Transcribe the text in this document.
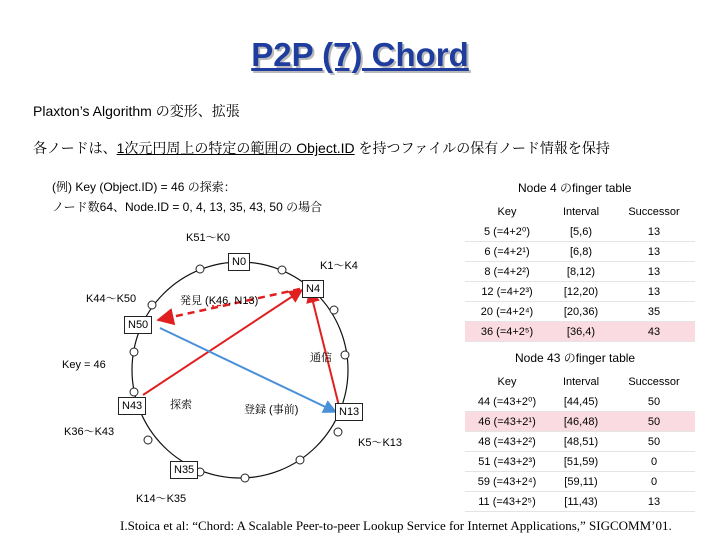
P2P (7) Chord
Plaxton’s Algorithm の変形、拡張
各ノードは、1次元円周上の特定の範囲の Object.ID を持つファイルの保有ノード情報を保持
(例) Key (Object.ID) = 46 の探索：
ノード数64、Node.ID = 0, 4, 13, 35, 43, 50 の場合
N0
N4
N13
N35
N43
N50
K51～K0
K1～K4
K44～K50
K36～K43
K5～K13
K14～K35
Key = 46
発見 (K46, N13)
通信
探索	登録 (事前)
Node 4 のfinger table
Key	Interval	Successor
5 (=4+2⁰)	[5,6)	13
6 (=4+2¹)	[6,8)	13
8 (=4+2²)	[8,12)	13
12 (=4+2³)	[12,20)	13
20 (=4+2⁴)	[20,36)	35
36 (=4+2⁵)	[36,4)	43
Node 43 のfinger table
Key	Interval	Successor
44 (=43+2⁰)	[44,45)	50
46 (=43+2¹)	[46,48)	50
48 (=43+2²)	[48,51)	50
51 (=43+2³)	[51,59)	0
59 (=43+2⁴)	[59,11)	0
11 (=43+2⁵)	[11,43)	13
I.Stoica et al: “Chord: A Scalable Peer-to-peer Lookup Service for Internet Applications,” SIGCOMM’01.
